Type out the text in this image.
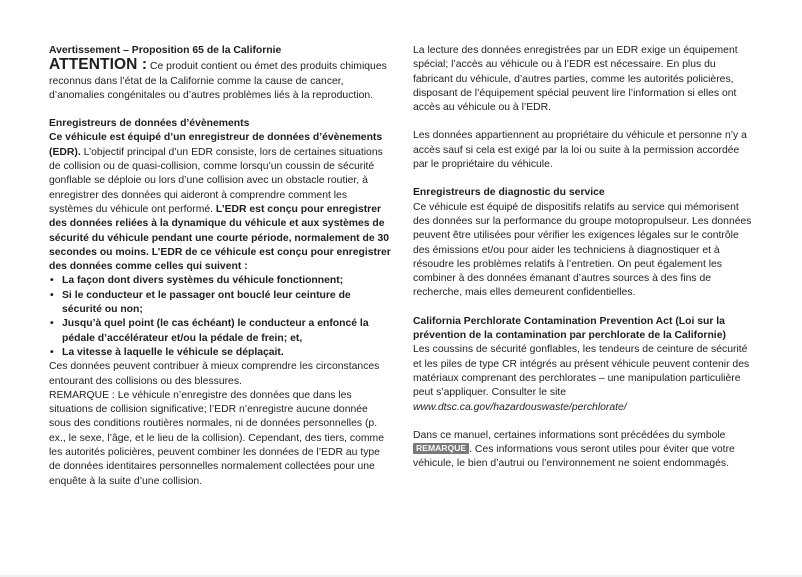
Avertissement – Proposition 65 de la Californie

ATTENTION : Ce produit contient ou émet des produits chimiques reconnus dans l’état de la Californie comme la cause de cancer, d’anomalies congénitales ou d’autres problèmes liés à la reproduction.

Enregistreurs de données d’évènements

Ce véhicule est équipé d’un enregistreur de données d’évènements (EDR). L’objectif principal d’un EDR consiste, lors de certaines situations de collision ou de quasi-collision, comme lorsqu’un coussin de sécurité gonflable se déploie ou lors d’une collision avec un obstacle routier, à enregistrer des données qui aideront à comprendre comment les systèmes du véhicule ont performé. L’EDR est conçu pour enregistrer des données reliées à la dynamique du véhicule et aux systèmes de sécurité du véhicule pendant une courte période, normalement de 30 secondes ou moins. L’EDR de ce véhicule est conçu pour enregistrer des données comme celles qui suivent :

• La façon dont divers systèmes du véhicule fonctionnent;
• Si le conducteur et le passager ont bouclé leur ceinture de sécurité ou non;
• Jusqu’à quel point (le cas échéant) le conducteur a enfoncé la pédale d’accélérateur et/ou la pédale de frein; et,
• La vitesse à laquelle le véhicule se déplaçait.

Ces données peuvent contribuer à mieux comprendre les circonstances entourant des collisions ou des blessures.

REMARQUE : Le véhicule n’enregistre des données que dans les situations de collision significative; l’EDR n’enregistre aucune donnée sous des conditions routières normales, ni de données personnelles (p. ex., le sexe, l’âge, et le lieu de la collision). Cependant, des tiers, comme les autorités policières, peuvent combiner les données de l’EDR au type de données identitaires personnelles normalement collectées pour une enquête à la suite d’une collision.

La lecture des données enregistrées par un EDR exige un équipement spécial; l’accès au véhicule ou à l’EDR est nécessaire. En plus du fabricant du véhicule, d’autres parties, comme les autorités policières, disposant de l’équipement spécial peuvent lire l’information si elles ont accès au véhicule ou à l’EDR.

Les données appartiennent au propriétaire du véhicule et personne n’y a accès sauf si cela est exigé par la loi ou suite à la permission accordée par le propriétaire du véhicule.

Enregistreurs de diagnostic du service

Ce véhicule est équipé de dispositifs relatifs au service qui mémorisent des données sur la performance du groupe motopropulseur. Les données peuvent être utilisées pour vérifier les exigences légales sur le contrôle des émissions et/ou pour aider les techniciens à diagnostiquer et à résoudre les problèmes relatifs à l’entretien. On peut également les combiner à des données émanant d’autres sources à des fins de recherche, mais elles demeurent confidentielles.

California Perchlorate Contamination Prevention Act (Loi sur la prévention de la contamination par perchlorate de la Californie)

Les coussins de sécurité gonflables, les tendeurs de ceinture de sécurité et les piles de type CR intégrés au présent véhicule peuvent contenir des matériaux comprenant des perchlorates – une manipulation particulière peut s’appliquer. Consulter le site www.dtsc.ca.gov/hazardouswaste/perchlorate/

Dans ce manuel, certaines informations sont précédées du symbole REMARQUE . Ces informations vous seront utiles pour éviter que votre véhicule, le bien d’autrui ou l’environnement ne soient endommagés.
